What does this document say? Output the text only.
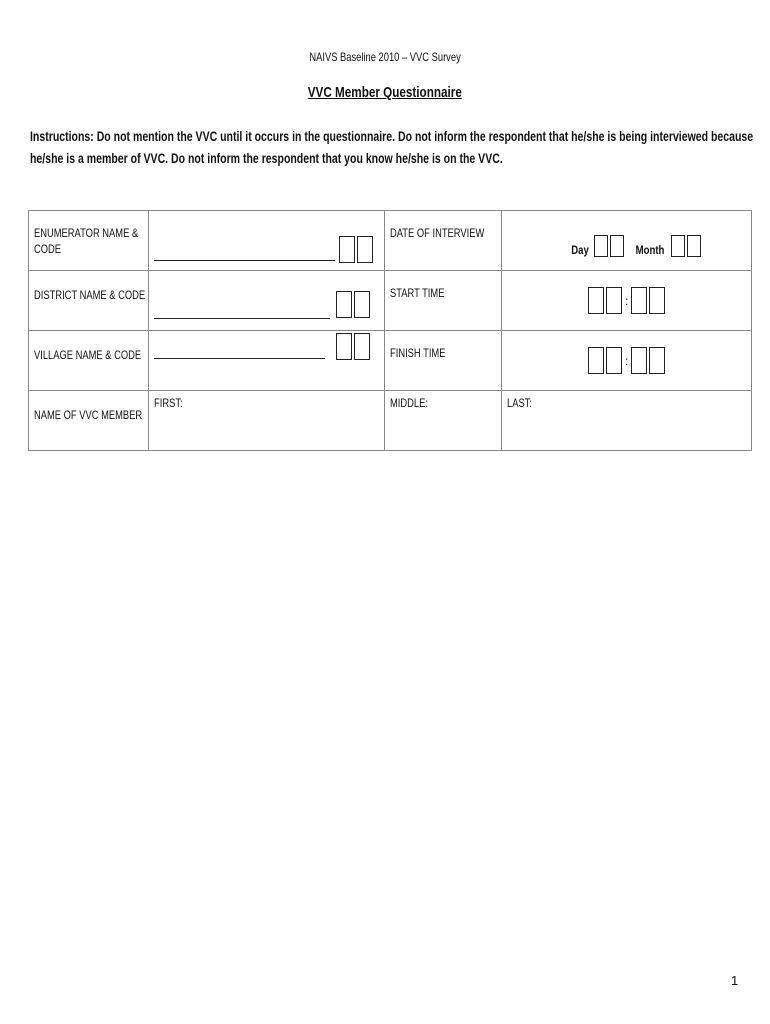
NAIVS Baseline 2010 – VVC Survey
VVC Member Questionnaire
Instructions: Do not mention the VVC until it occurs in the questionnaire. Do not inform the respondent that he/she is being interviewed because he/she is a member of VVC. Do not inform the respondent that you know he/she is on the VVC.
ENUMERATOR NAME &
CODE		DATE OF INTERVIEW	Day Month

DISTRICT NAME & CODE		START TIME	:

VILLAGE NAME & CODE		FINISH TIME	:

NAME OF VVC MEMBER	FIRST:	MIDDLE:	LAST:
1
